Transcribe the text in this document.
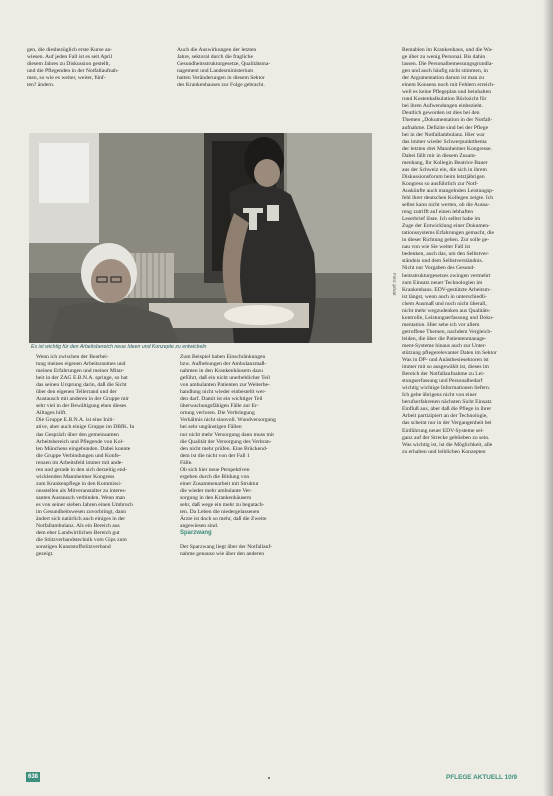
gen, die diesbezüglich erste Kurse an-
wiesen. Auf jeden Fall ist es seit April
diesem Jahres zu Diskussion gestellt,
und die Pflegenden in der Notfallaufnah-
men, so wie es weiter, weiter, fünf-
ten? ändern.
Auch die Auswirkungen der letzten
Jahre, sektoral durch die fragliche
Gesundheitsstrukturgesetze, Qualitätsma-
nagement und Landesministerium
hatten Veränderungen in diesem Sektor
des Krankenhauses zur Folge gebracht.
Foto: privat
Es ist wichtig für den Arbeitsbereich neue Ideen und Konzepte zu entwickeln
Rentablen im Krankenhaus, und die Wa-
ge über zu wenig Personal. Bis dahin
lassen. Die Personalbemessungsgrundla-
gen und auch häufig nicht stimmen, in
der Argumentation darum ist man zu
einem Konsens noch mit Fehlern erreich-
well es keine Pflegeplan und beinhalten
rund Kostenkalkulation Rücksicht für
bei ihren Aufwendungen einbezieht.
Deutlich geworden ist dies bei den
Themen „Dokumentation in der Notfall-
aufnahme. Defizite sind bei der Pflege
bei in der Notfallambulanz. Hier war
das immer wieder Schwerpunktthema
der letzten drei Mannheimer Kongresse.
Dabei fällt mir in diesem Zusam-
menhang, Ihr Kollegin Beatrice Bauer
aus der Schweiz ein, die sich in ihrem
Diskussionsforum beim letztjährigen
Kongress so ausführlich zur Notf-
Auskünfte auch mangelnden Leistungsp-
fehl ihrer deutschen Kollegen zeigte. Ich
selbst kann nicht werten, ob die Aussa-
reng zutrifft auf einen lebhaften
Leserbrief löste. Ich selbst habe im
Zuge der Entwicklung einer Dokumen-
tationssystems Erfahrungen gemacht, die
in dieser Richtung gehen. Zur solle ge-
nau von wie Sie weiter Fall ist
bedenken, auch das, um den Selbstver-
ständnis und dem Selbstverständnis.
Nicht nur Vorgaben des Gesund-
heitsstrukturgesetzes zwingen vermehrt
zum Einsatz neuer Technologien im
Krankenhaus. EDV-gestützte Arbeitsm-
ist längst, wenn auch in unterschiedli-
chem Ausmaß und noch nicht überall,
nicht mehr wegzudenken aus Qualitäts-
kontrolle, Leistungserfassung und Doku-
mentation. Hier sehe ich vor allem
getroffene Themen, nachdem Vergleich-
leiden, die über die Patientenmanage-
ment-Systeme hinaus auch zur Unter-
stützung pflegerelevanter Daten im Sektor
Was in DP- und Anästhesiesektoren ist
immer mit so ausgewählt ist, dieses im
Bereich der Notfallaufnahme zu Lei-
stungserfassung und Personalbedarf
wichtig wichtige Informationen liefern.
Ich gehe übrigens nicht von einer
berufserfahrenen nächsten Sicht Einsatz
Einfluß aus, aber daß die Pflege in ihrer
Arbeit partizipiert an der Technologie,
das scheint nur in der Vergangenheit bei
Einführung neuer EDV-Systeme sel-
ganz auf der Strecke geblieben zu sein.
Was wichtig ist, ist die Möglichkeit, alle
zu erhalten und leiblichen Konzepten
Wenn ich zwischen der Bearbei-
tung meines eigenen Arbeitsraumes und
meinen Erfahrungen und meiner Mitar-
beit in der ZAG E.B.N.A. springe, so hat
das seinen Ursprung darin, daß die Sicht
über den eigenen Tellerrand und der
Austausch mit anderen in der Gruppe mir
sehr viel in der Bewältigung eben dieses
Alltages hilft.
Die Gruppe E.B.N.A. ist eine Initi-
ative, aber auch einige Gruppe im DBfK. In
das Gespräch über den gemeinsamen
Arbeitsbereich und Pflegende von Kol-
len Münchens eingebunden. Dabei konnte
die Gruppe Verbindungen und Konfe-
renzen im Arbeitsfeld immer mit ande-
ren und gerade in den sich derzeitig end-
wicklenden Mannheimer Kongress
zum Krankenpflege in den Kommissi-
onsstellen als Mitveranstalter zu interes-
santen Austausch verbinden. Wenn man
es von seiner sieben Jahren einen Umbruch
im Gesundheitswesen zuvorbringt, dann
ändert sich natürlich auch einiges in der
Notfallambulanz. Als ein Bereich aus
dem eher Landwirtlichen Bereich gut
die Stützverbandstechnik vom Gips zum
sonstigen Kunststoffstützverband
gezeigt.
Zum Beispiel haben Einschränkungen
bzw. Aufhebungen der Ambulanzmaß-
nahmen in den Krankenhäusern dazu
geführt, daß ein nicht unerheblicher Teil
von ambulanten Patienten zur Weiterbe-
handlung nicht wieder einbestellt wer-
den darf. Damit ist ein wichtiger Teil
überwachungsfähigen Fälle zur Er-
ortung verloren. Die Verbringung
Verhältnis nicht sinnvoll. Wundversorgung
bei sehr ungünstigen Fällen
nur nicht mehr Versorgung dann muss mit
die Qualität der Versorgung des Verbran-
den nicht mehr prüfen. Eine Brückend-
dem ist die nicht von der Fall 1
Fälle.
Ob sich hier neue Perspektiven
ergeben durch die Bildung von
einer Zusammenarbeit mit Struktur
die wieder mehr ambulante Ver-
sorgung in den Krankenhäusern
sehr, daß wege ein mehr zu begutach-
ten. Da Leben die niedergelassenen
Ärzte ist doch so mehr, daß die Zweite
angewiesen sind.

Sparzwang

Der Sparzwang liegt über der Notfallauf-
nahme genauso wie über den anderen
638	PFLEGE AKTUELL 10/9
